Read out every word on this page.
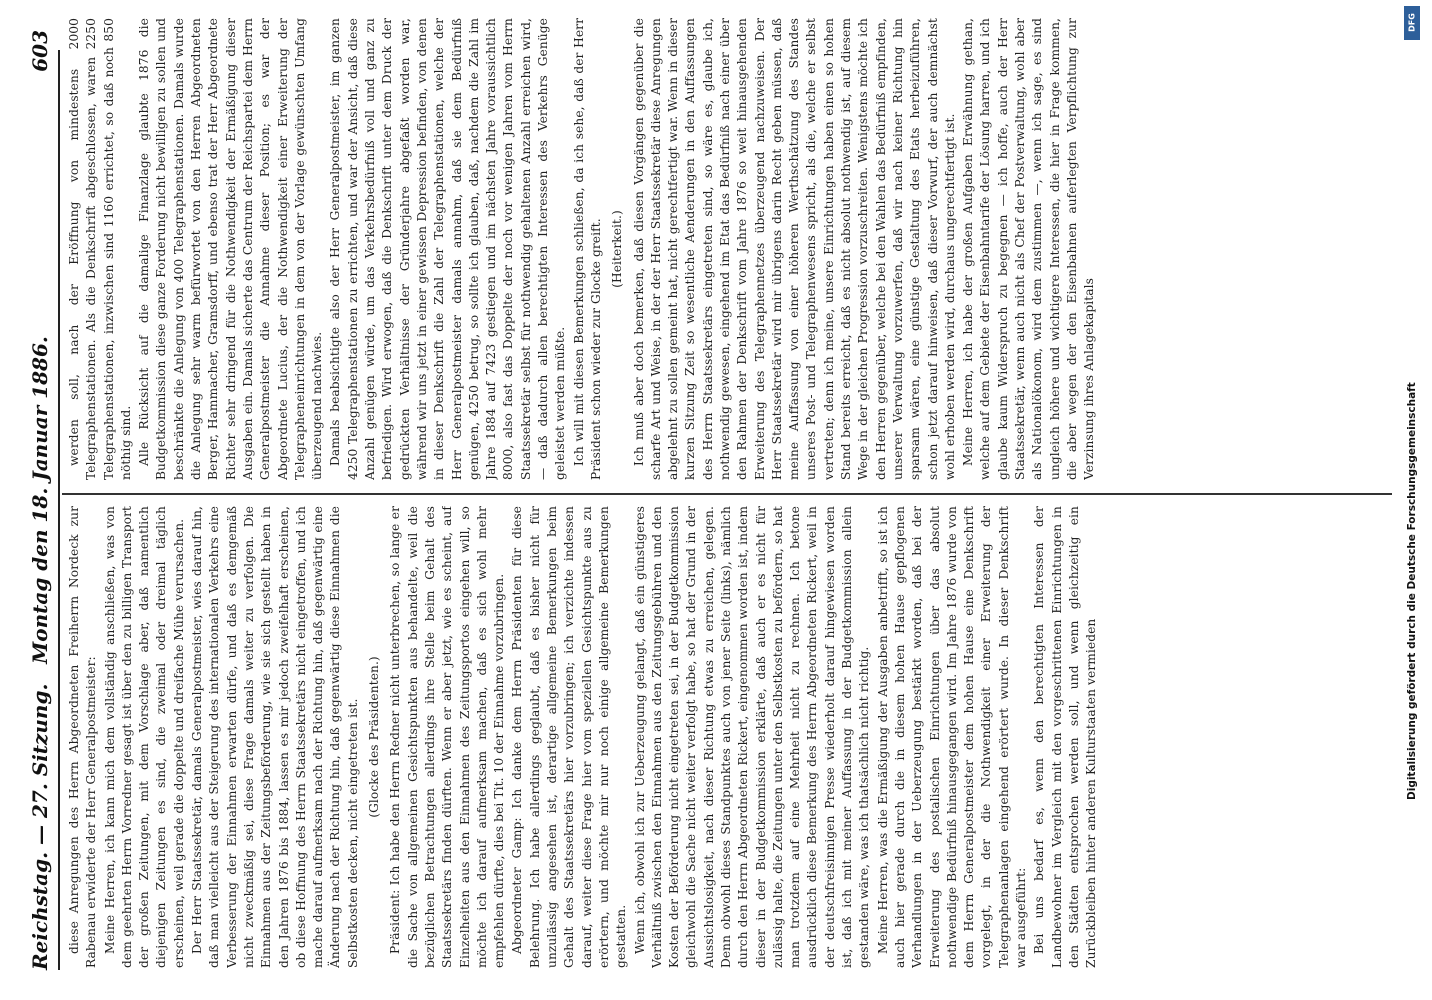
Reichstag. — 27. Sitzung.
Montag den 18. Januar 1886.
603

diese Anregungen des Herrn Abgeordneten Freiherrn Nordeck zur Rabenau erwiderte der Herr Generalpostmeister: Meine Herren, ich kann mich dem vollständig anschließen, was von dem geehrten Herrn Vorredner gesagt ist über den zu billigen Transport der großen Zeitungen, mit dem Vorschlage aber, daß namentlich diejenigen Zeitungen es sind, die zweimal oder dreimal täglich erscheinen, weil gerade die doppelte und dreifache Mühe verursachen. Der Herr Staatssekretär, damals Generalpostmeister, wies darauf hin, daß man vielleicht aus der Steigerung des internationalen Verkehrs eine Verbesserung der Einnahmen erwarten dürfe, und daß es demgemäß nicht zweckmäßig sei, diese Frage damals weiter zu verfolgen. Die Einnahmen aus der Zeitungsbeförderung, wie sie sich gestellt haben in den Jahren 1876 bis 1884, lassen es mir jedoch zweifelhaft erscheinen, ob diese Hoffnung des Herrn Staatssekretärs nicht eingetroffen, und ich mache darauf aufmerksam nach der Richtung hin, daß gegenwärtig eine Änderung nach der Richtung hin, daß gegenwärtig diese Einnahmen die Selbstkosten decken, nicht eingetreten ist. (Glocke des Präsidenten.) Präsident: Ich habe den Herrn Redner nicht unterbrechen, so lange er die Sache von allgemeinen Gesichtspunkten aus behandelte, weil die bezüglichen Betrachtungen allerdings ihre Stelle beim Gehalt des Staatssekretärs finden dürften. Wenn er aber jetzt, wie es scheint, auf Einzelheiten aus den Einnahmen des Zeitungsportos eingehen will, so möchte ich darauf aufmerksam machen, daß es sich wohl mehr empfehlen dürfte, dies bei Tit. 10 der Einnahme vorzubringen. Abgeordneter Gamp: Ich danke dem Herrn Präsidenten für diese Belehrung. Ich habe allerdings geglaubt, daß es bisher nicht für unzulässig angesehen ist, derartige allgemeine Bemerkungen beim Gehalt des Staatssekretärs hier vorzubringen; ich verzichte indessen darauf, weiter diese Frage hier vom speziellen Gesichtspunkte aus zu erörtern, und möchte mir nur noch einige allgemeine Bemerkungen gestatten. Wenn ich, obwohl ich zur Ueberzeugung gelangt, daß ein günstigeres Verhältniß zwischen den Einnahmen aus den Zeitungsgebühren und den Kosten der Beförderung nicht eingetreten sei, in der Budgetkommission gleichwohl die Sache nicht weiter verfolgt habe, so hat der Grund in der Aussichtslosigkeit, nach dieser Richtung etwas zu erreichen, gelegen. Denn obwohl dieses Standpunktes auch von jener Seite (links), nämlich durch den Herrn Abgeordneten Rickert, eingenommen worden ist, indem dieser in der Budgetkommission erklärte, daß auch er es nicht für zulässig halte, die Zeitungen unter den Selbstkosten zu befördern, so hat man trotzdem auf eine Mehrheit nicht zu rechnen. Ich betone ausdrücklich diese Bemerkung des Herrn Abgeordneten Rickert, weil in der deutschfreisinnigen Presse wiederholt darauf hingewiesen worden ist, daß ich mit meiner Auffassung in der Budgetkommission allein gestanden wäre, was ich thatsächlich nicht richtig. Meine Herren, was die Ermäßigung der Ausgaben anbetrifft, so ist ich auch hier gerade durch die in diesem hohen Hause gepflogenen Verhandlungen in der Ueberzeugung bestärkt worden, daß bei der Erweiterung des postalischen Einrichtungen über das absolut nothwendige Bedürfniß hinausgegangen wird. Im Jahre 1876 wurde von dem Herrn Generalpostmeister dem hohen Hause eine Denkschrift vorgelegt, in der die Nothwendigkeit einer Erweiterung der Telegraphenanlagen eingehend erörtert wurde. In dieser Denkschrift war ausgeführt: Bei uns bedarf es, wenn den berechtigten Interessen der Landbewohner im Vergleich mit den vorgeschrittenen Einrichtungen in den Städten entsprochen werden soll, und wenn gleichzeitig ein Zurückbleiben hinter anderen Kulturstaaten vermieden

werden soll, nach der Eröffnung von mindestens 2000 Telegraphenstationen. Als die Denkschrift abgeschlossen, waren 2250 Telegraphenstationen, inzwischen sind 1160 errichtet, so daß noch 850 nöthig sind. Alle Rücksicht auf die damalige Finanzlage glaubte 1876 die Budgetkommission diese ganze Forderung nicht bewilligen zu sollen und beschränkte die Anlegung von 400 Telegraphenstationen. Damals wurde die Anlegung sehr warm befürwortet von den Herren Abgeordneten Berger, Hammacher, Gramsdorff, und ebenso trat der Herr Abgeordnete Richter sehr dringend für die Nothwendigkeit der Ermäßigung dieser Ausgaben ein. Damals sicherte das Centrum der Reichspartei dem Herrn Generalpostmeister die Annahme dieser Position; es war der Abgeordnete Lucius, der die Nothwendigkeit einer Erweiterung der Telegrapheneinrichtungen in dem von der Vorlage gewünschten Umfang überzeugend nachwies. Damals beabsichtigte also der Herr Generalpostmeister, im ganzen 4250 Telegraphenstationen zu errichten, und war der Ansicht, daß diese Anzahl genügen würde, um das Verkehrsbedürfniß voll und ganz zu befriedigen. Wird erwogen, daß die Denkschrift unter dem Druck der gedrückten Verhältnisse der Gründerjahre abgefaßt worden war, während wir uns jetzt in einer gewissen Depression befinden, von denen in dieser Denkschrift die Zahl der Telegraphenstationen, welche der Herr Generalpostmeister damals annahm, daß sie dem Bedürfniß genügen, 4250 betrug, so sollte ich glauben, daß, nachdem die Zahl im Jahre 1884 auf 7423 gestiegen und im nächsten Jahre voraussichtlich 8000, also fast das Doppelte der noch vor wenigen Jahren vom Herrn Staatssekretär selbst für nothwendig gehaltenen Anzahl erreichen wird, — daß dadurch allen berechtigten Interessen des Verkehrs Genüge geleistet werden müßte. Ich will mit diesen Bemerkungen schließen, da ich sehe, daß der Herr Präsident schon wieder zur Glocke greift. (Heiterkeit.) Ich muß aber doch bemerken, daß diesen Vorgängen gegenüber die scharfe Art und Weise, in der der Herr Staatssekretär diese Anregungen abgelehnt zu sollen gemeint hat, nicht gerechtfertigt war. Wenn in dieser kurzen Sitzung Zeit so wesentliche Aenderungen in den Auffassungen des Herrn Staatssekretärs eingetreten sind, so wäre es, glaube ich, nothwendig gewesen, eingehend im Etat das Bedürfniß nach einer über den Rahmen der Denkschrift vom Jahre 1876 so weit hinausgehenden Erweiterung des Telegraphennetzes überzeugend nachzuweisen. Der Herr Staatssekretär wird mir übrigens darin Recht geben müssen, daß meine Auffassung von einer höheren Werthschätzung des Standes unseres Post- und Telegraphenwesens spricht, als die, welche er selbst vertreten; denn ich meine, unsere Einrichtungen haben einen so hohen Stand bereits erreicht, daß es nicht absolut nothwendig ist, auf diesem Wege in der gleichen Progression vorzuschreiten. Wenigstens möchte ich den Herren gegenüber, welche bei den Wahlen das Bedürfniß empfinden, unserer Verwaltung vorzuwerfen, daß wir nach keiner Richtung hin sparsam wären, eine günstige Gestaltung des Etats herbeizuführen, schon jetzt darauf hinweisen, daß dieser Vorwurf, der auch demnächst wohl erhoben werden wird, durchaus ungerechtfertigt ist. Meine Herren, ich habe der großen Aufgaben Erwähnung gethan, welche auf dem Gebiete der Eisenbahntarife der Lösung harren, und ich glaube kaum Widerspruch zu begegnen — ich hoffe, auch der Herr Staatssekretär, wenn auch nicht als Chef der Postverwaltung, wohl aber als Nationalökonom, wird dem zustimmen —, wenn ich sage, es sind ungleich höhere und wichtigere Interessen, die hier in Frage kommen, die aber wegen der den Eisenbahnen auferlegten Verpflichtung zur Verzinsung ihres Anlagekapitals

DFG
Digitalisierung gefördert durch die Deutsche Forschungsgemeinschaft
